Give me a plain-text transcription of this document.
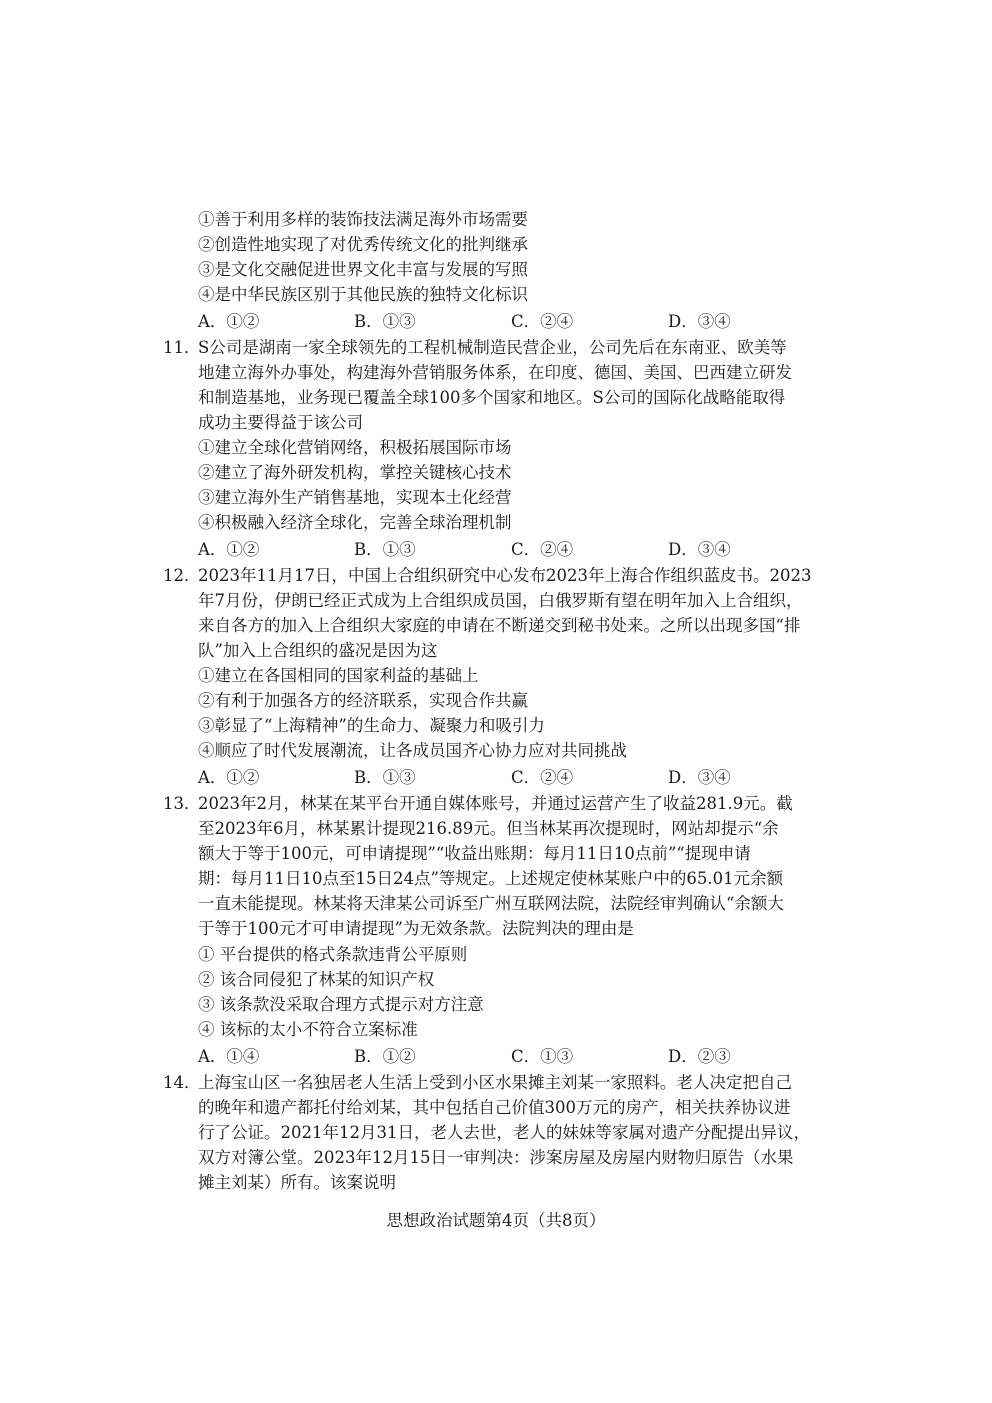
①善于利用多样的装饰技法满足海外市场需要
②创造性地实现了对优秀传统文化的批判继承
③是文化交融促进世界文化丰富与发展的写照
④是中华民族区别于其他民族的独特文化标识
A．①②	B．①③	C．②④	D．③④
11．
S公司是湖南一家全球领先的工程机械制造民营企业，公司先后在东南亚、欧美等
地建立海外办事处，构建海外营销服务体系，在印度、德国、美国、巴西建立研发
和制造基地，业务现已覆盖全球100多个国家和地区。S公司的国际化战略能取得
成功主要得益于该公司
①建立全球化营销网络，积极拓展国际市场
②建立了海外研发机构，掌控关键核心技术
③建立海外生产销售基地，实现本土化经营
④积极融入经济全球化，完善全球治理机制
A．①②	B．①③	C．②④	D．③④
12．
2023年11月17日，中国上合组织研究中心发布2023年上海合作组织蓝皮书。2023
年7月份，伊朗已经正式成为上合组织成员国，白俄罗斯有望在明年加入上合组织，
来自各方的加入上合组织大家庭的申请在不断递交到秘书处来。之所以出现多国“排
队”加入上合组织的盛况是因为这
①建立在各国相同的国家利益的基础上
②有利于加强各方的经济联系，实现合作共赢
③彰显了“上海精神”的生命力、凝聚力和吸引力
④顺应了时代发展潮流，让各成员国齐心协力应对共同挑战
A．①②	B．①③	C．②④	D．③④
13．
2023年2月，林某在某平台开通自媒体账号，并通过运营产生了收益281.9元。截
至2023年6月，林某累计提现216.89元。但当林某再次提现时，网站却提示“余
额大于等于100元，可申请提现”“收益出账期：每月11日10点前”“提现申请
期：每月11日10点至15日24点”等规定。上述规定使林某账户中的65.01元余额
一直未能提现。林某将天津某公司诉至广州互联网法院，法院经审判确认“余额大
于等于100元才可申请提现”为无效条款。法院判决的理由是
① 平台提供的格式条款违背公平原则
② 该合同侵犯了林某的知识产权
③ 该条款没采取合理方式提示对方注意
④ 该标的太小不符合立案标准
A．①④	B．①②	C．①③	D．②③
14．
上海宝山区一名独居老人生活上受到小区水果摊主刘某一家照料。老人决定把自己
的晚年和遗产都托付给刘某，其中包括自己价值300万元的房产，相关扶养协议进
行了公证。2021年12月31日，老人去世，老人的妹妹等家属对遗产分配提出异议，
双方对簿公堂。2023年12月15日一审判决：涉案房屋及房屋内财物归原告（水果
摊主刘某）所有。该案说明
思想政治试题第4页（共8页）
